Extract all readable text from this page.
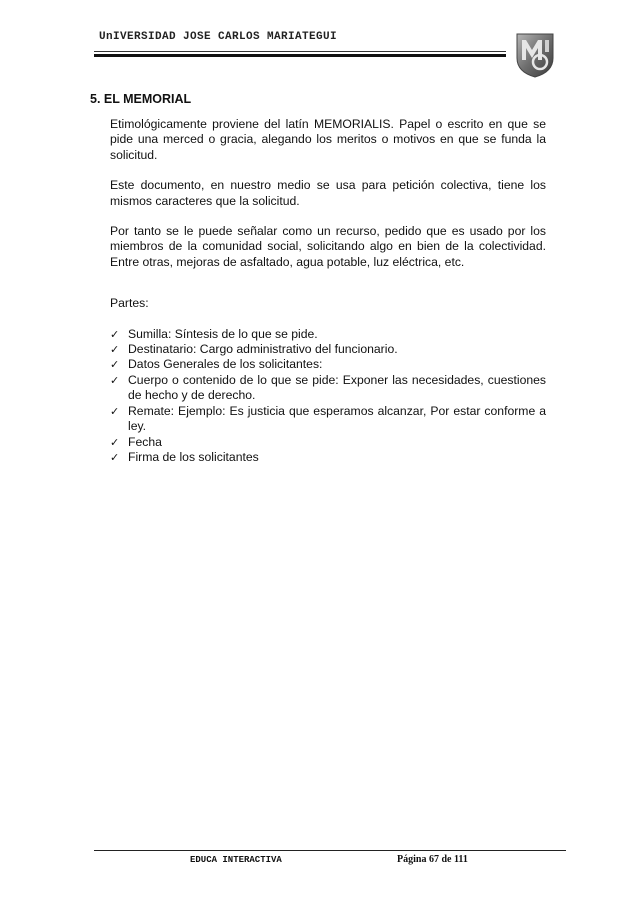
UnIVERSIDAD JOSE CARLOS MARIATEGUI
5. EL MEMORIAL

Etimológicamente proviene del latín MEMORIALIS. Papel o escrito en que se pide una merced o gracia, alegando los meritos o motivos en que se funda la solicitud.

Este documento, en nuestro medio se usa para petición colectiva, tiene los mismos caracteres que la solicitud.

Por tanto se le puede señalar como un recurso, pedido que es usado por los miembros de la comunidad social, solicitando algo en bien de la colectividad. Entre otras, mejoras de asfaltado, agua potable, luz eléctrica, etc.

Partes:

✓ Sumilla: Síntesis de lo que se pide.
✓ Destinatario: Cargo administrativo del funcionario.
✓ Datos Generales de los solicitantes:
✓ Cuerpo o contenido de lo que se pide: Exponer las necesidades, cuestiones de hecho y de derecho.
✓ Remate: Ejemplo: Es justicia que esperamos alcanzar, Por estar conforme a ley.
✓ Fecha
✓ Firma de los solicitantes
EDUCA INTERACTIVA	Página 67 de 111
